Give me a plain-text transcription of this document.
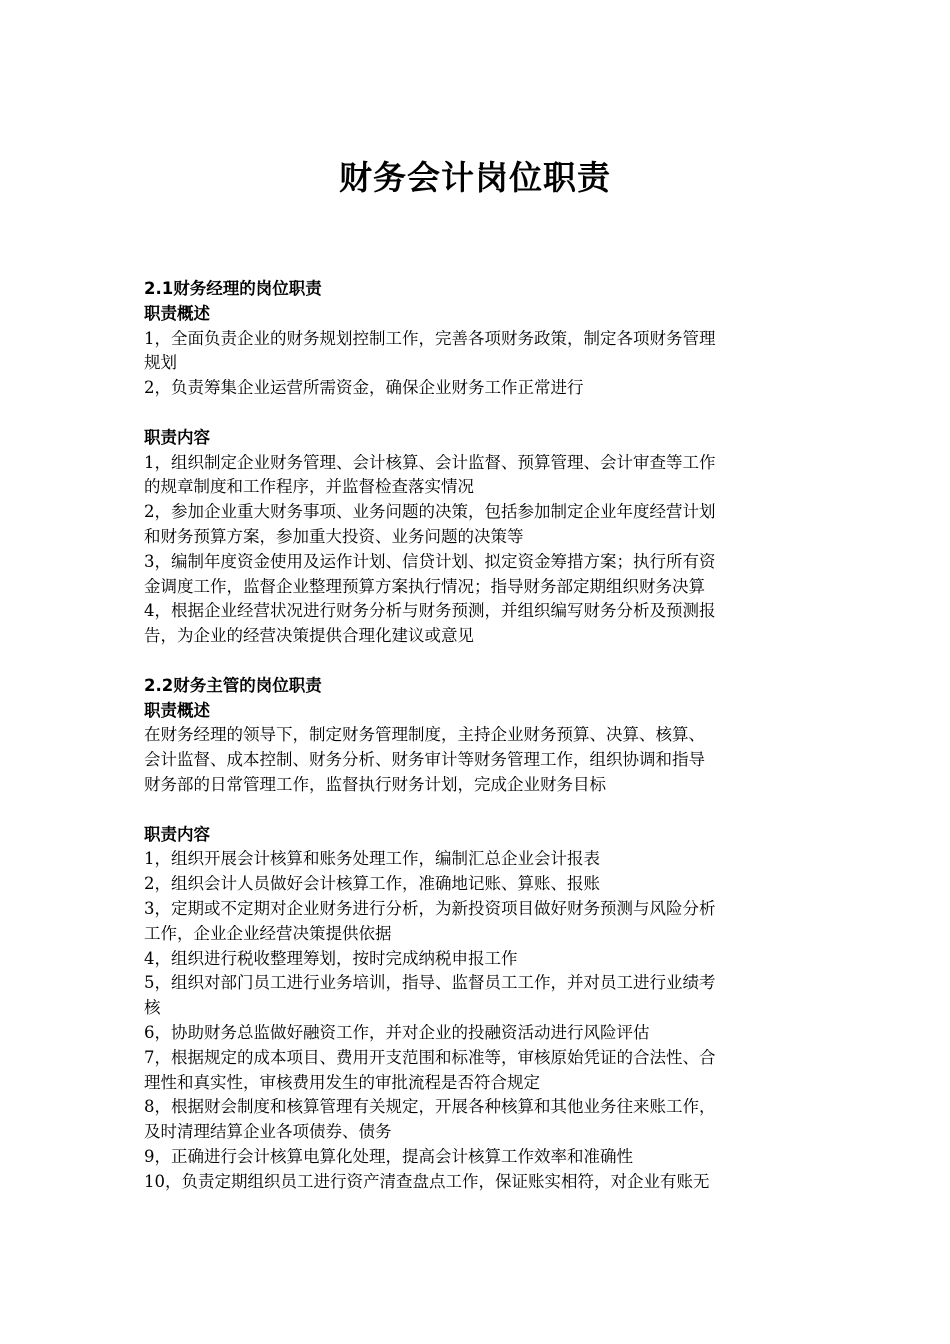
财务会计岗位职责
2.1财务经理的岗位职责
职责概述
1，全面负责企业的财务规划控制工作，完善各项财务政策，制定各项财务管理
规划
2，负责筹集企业运营所需资金，确保企业财务工作正常进行
职责内容
1，组织制定企业财务管理、会计核算、会计监督、预算管理、会计审查等工作
的规章制度和工作程序，并监督检查落实情况
2，参加企业重大财务事项、业务问题的决策，包括参加制定企业年度经营计划
和财务预算方案，参加重大投资、业务问题的决策等
3，编制年度资金使用及运作计划、信贷计划、拟定资金筹措方案；执行所有资
金调度工作，监督企业整理预算方案执行情况；指导财务部定期组织财务决算
4，根据企业经营状况进行财务分析与财务预测，并组织编写财务分析及预测报
告，为企业的经营决策提供合理化建议或意见
2.2财务主管的岗位职责
职责概述
在财务经理的领导下，制定财务管理制度，主持企业财务预算、决算、核算、
会计监督、成本控制、财务分析、财务审计等财务管理工作，组织协调和指导
财务部的日常管理工作，监督执行财务计划，完成企业财务目标
职责内容
1，组织开展会计核算和账务处理工作，编制汇总企业会计报表
2，组织会计人员做好会计核算工作，准确地记账、算账、报账
3，定期或不定期对企业财务进行分析，为新投资项目做好财务预测与风险分析
工作，企业企业经营决策提供依据
4，组织进行税收整理筹划，按时完成纳税申报工作
5，组织对部门员工进行业务培训，指导、监督员工工作，并对员工进行业绩考
核
6，协助财务总监做好融资工作，并对企业的投融资活动进行风险评估
7，根据规定的成本项目、费用开支范围和标准等，审核原始凭证的合法性、合
理性和真实性，审核费用发生的审批流程是否符合规定
8，根据财会制度和核算管理有关规定，开展各种核算和其他业务往来账工作，
及时清理结算企业各项债券、债务
9，正确进行会计核算电算化处理，提高会计核算工作效率和准确性
10，负责定期组织员工进行资产清查盘点工作，保证账实相符，对企业有账无
